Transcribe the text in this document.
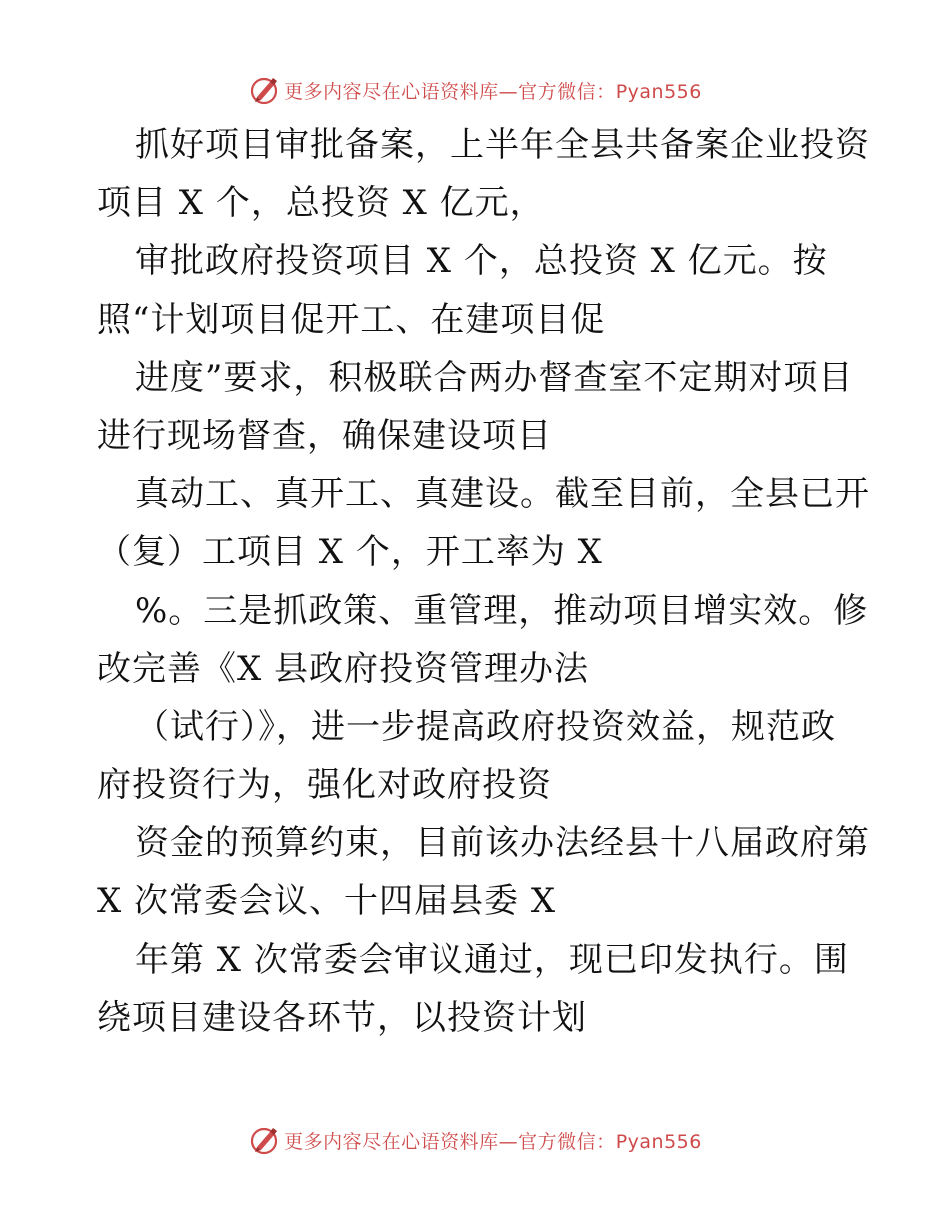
更多内容尽在心语资料库—官方微信：Pyan556
抓好项目审批备案，上半年全县共备案企业投资
项目 X 个，总投资 X 亿元，
审批政府投资项目 X 个，总投资 X 亿元。按
照“计划项目促开工、在建项目促
进度”要求，积极联合两办督查室不定期对项目
进行现场督查，确保建设项目
真动工、真开工、真建设。截至目前，全县已开
（复）工项目 X 个，开工率为 X
%。三是抓政策、重管理，推动项目增实效。修
改完善《X 县政府投资管理办法
（试行）》，进一步提高政府投资效益，规范政
府投资行为，强化对政府投资
资金的预算约束，目前该办法经县十八届政府第
X 次常委会议、十四届县委 X
年第 X 次常委会审议通过，现已印发执行。围
绕项目建设各环节，以投资计划
更多内容尽在心语资料库—官方微信：Pyan556
